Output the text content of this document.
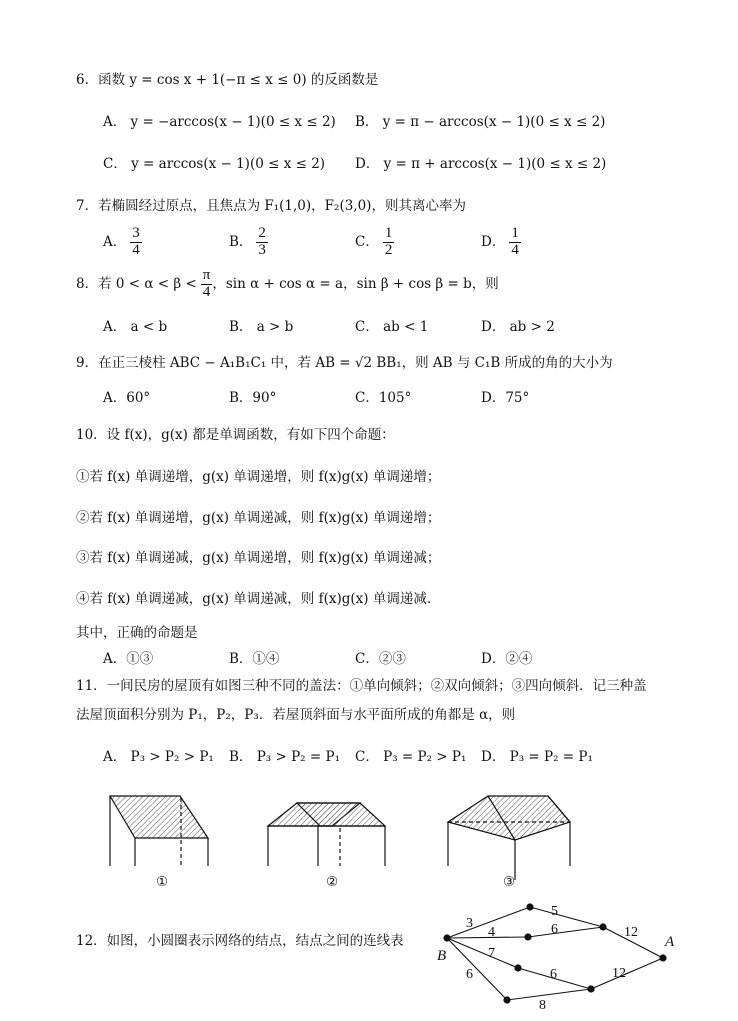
6．函数 y = cos x + 1(−π ≤ x ≤ 0) 的反函数是
A． y = −arccos(x − 1)(0 ≤ x ≤ 2) B． y = π − arccos(x − 1)(0 ≤ x ≤ 2)
C． y = arccos(x − 1)(0 ≤ x ≤ 2) D． y = π + arccos(x − 1)(0 ≤ x ≤ 2)
7．若椭圆经过原点，且焦点为 F₁(1,0)，F₂(3,0)，则其离心率为
A． $\frac{3}{4}$	B． $\frac{2}{3}$	C． $\frac{1}{2}$	D． $\frac{1}{4}$
8．若 $0 < \alpha < \beta < \frac{\pi}{4}$ ，sin α + cos α = a，sin β + cos β = b，则
A． a < b	B． a > b	C． ab < 1	D． ab > 2
9．在正三棱柱 ABC − A₁B₁C₁ 中，若 AB = √2 BB₁，则 AB 与 C₁B 所成的角的大小为
A．60°	B．90°	C．105°	D．75°
10．设 f(x)，g(x) 都是单调函数，有如下四个命题：
①若 f(x) 单调递增，g(x) 单调递增，则 f(x)g(x) 单调递增；
②若 f(x) 单调递增，g(x) 单调递减，则 f(x)g(x) 单调递增；
③若 f(x) 单调递减，g(x) 单调递增，则 f(x)g(x) 单调递减；
④若 f(x) 单调递减，g(x) 单调递减，则 f(x)g(x) 单调递减.
其中，正确的命题是
A．①③	B．①④	C．②③	D．②④
11．一间民房的屋顶有如图三种不同的盖法：①单向倾斜；②双向倾斜；③四向倾斜．记三种盖
法屋顶面积分别为 P₁，P₂，P₃．若屋顶斜面与水平面所成的角都是 α，则
A． P₃ > P₂ > P₁ B． P₃ > P₂ = P₁ C． P₃ = P₂ > P₁ D． P₃ = P₂ = P₁
①	②	③
12．如图，小圆圈表示网络的结点，结点之间的连线表
3
5
4	6	12
7
6	12
6
8
A
B
